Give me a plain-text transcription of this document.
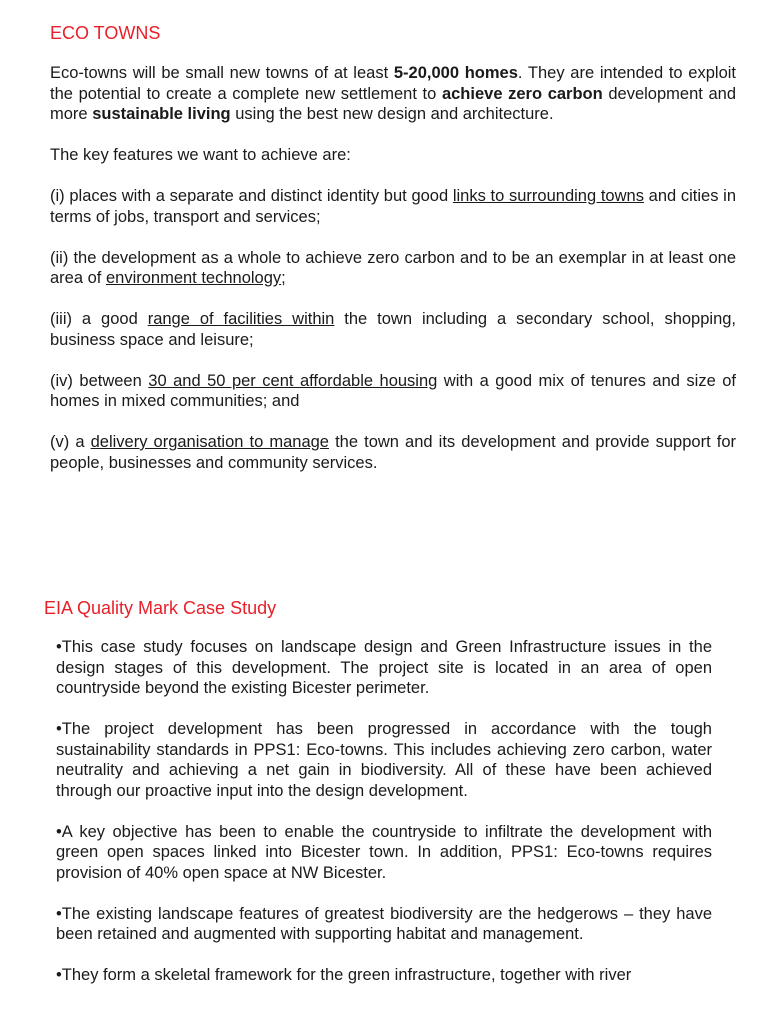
ECO TOWNS

Eco-towns will be small new towns of at least 5-20,000 homes. They are intended to exploit the potential to create a complete new settlement to achieve zero carbon development and more sustainable living using the best new design and architecture.

The key features we want to achieve are:

(i) places with a separate and distinct identity but good links to surrounding towns and cities in terms of jobs, transport and services;

(ii) the development as a whole to achieve zero carbon and to be an exemplar in at least one area of environment technology;

(iii) a good range of facilities within the town including a secondary school, shopping, business space and leisure;

(iv) between 30 and 50 per cent affordable housing with a good mix of tenures and size of homes in mixed communities; and

(v) a delivery organisation to manage the town and its development and provide support for people, businesses and community services.

EIA Quality Mark Case Study

•This case study focuses on landscape design and Green Infrastructure issues in the design stages of this development. The project site is located in an area of open countryside beyond the existing Bicester perimeter.

•The project development has been progressed in accordance with the tough sustainability standards in PPS1: Eco-towns. This includes achieving zero carbon, water neutrality and achieving a net gain in biodiversity. All of these have been achieved through our proactive input into the design development.

•A key objective has been to enable the countryside to infiltrate the development with green open spaces linked into Bicester town. In addition, PPS1: Eco-towns requires provision of 40% open space at NW Bicester.

•The existing landscape features of greatest biodiversity are the hedgerows – they have been retained and augmented with supporting habitat and management.

•They form a skeletal framework for the green infrastructure, together with river
